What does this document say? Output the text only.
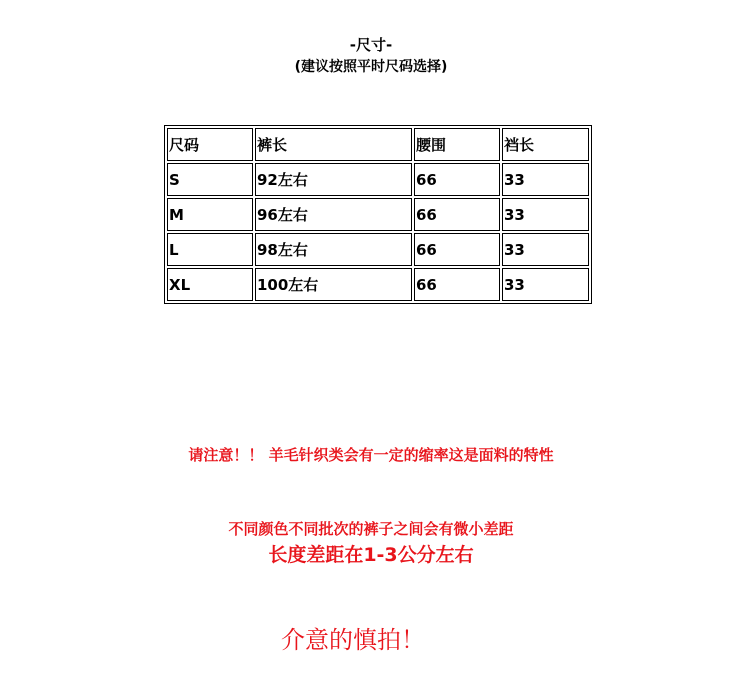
-尺寸-
(建议按照平时尺码选择)
尺码	裤长	腰围	裆长
S	92左右	66	33
M	96左右	66	33
L	98左右	66	33
XL	100左右	66	33
请注意！！ 羊毛针织类会有一定的缩率这是面料的特性
不同颜色不同批次的裤子之间会有微小差距
长度差距在1-3公分左右
介意的慎拍！
